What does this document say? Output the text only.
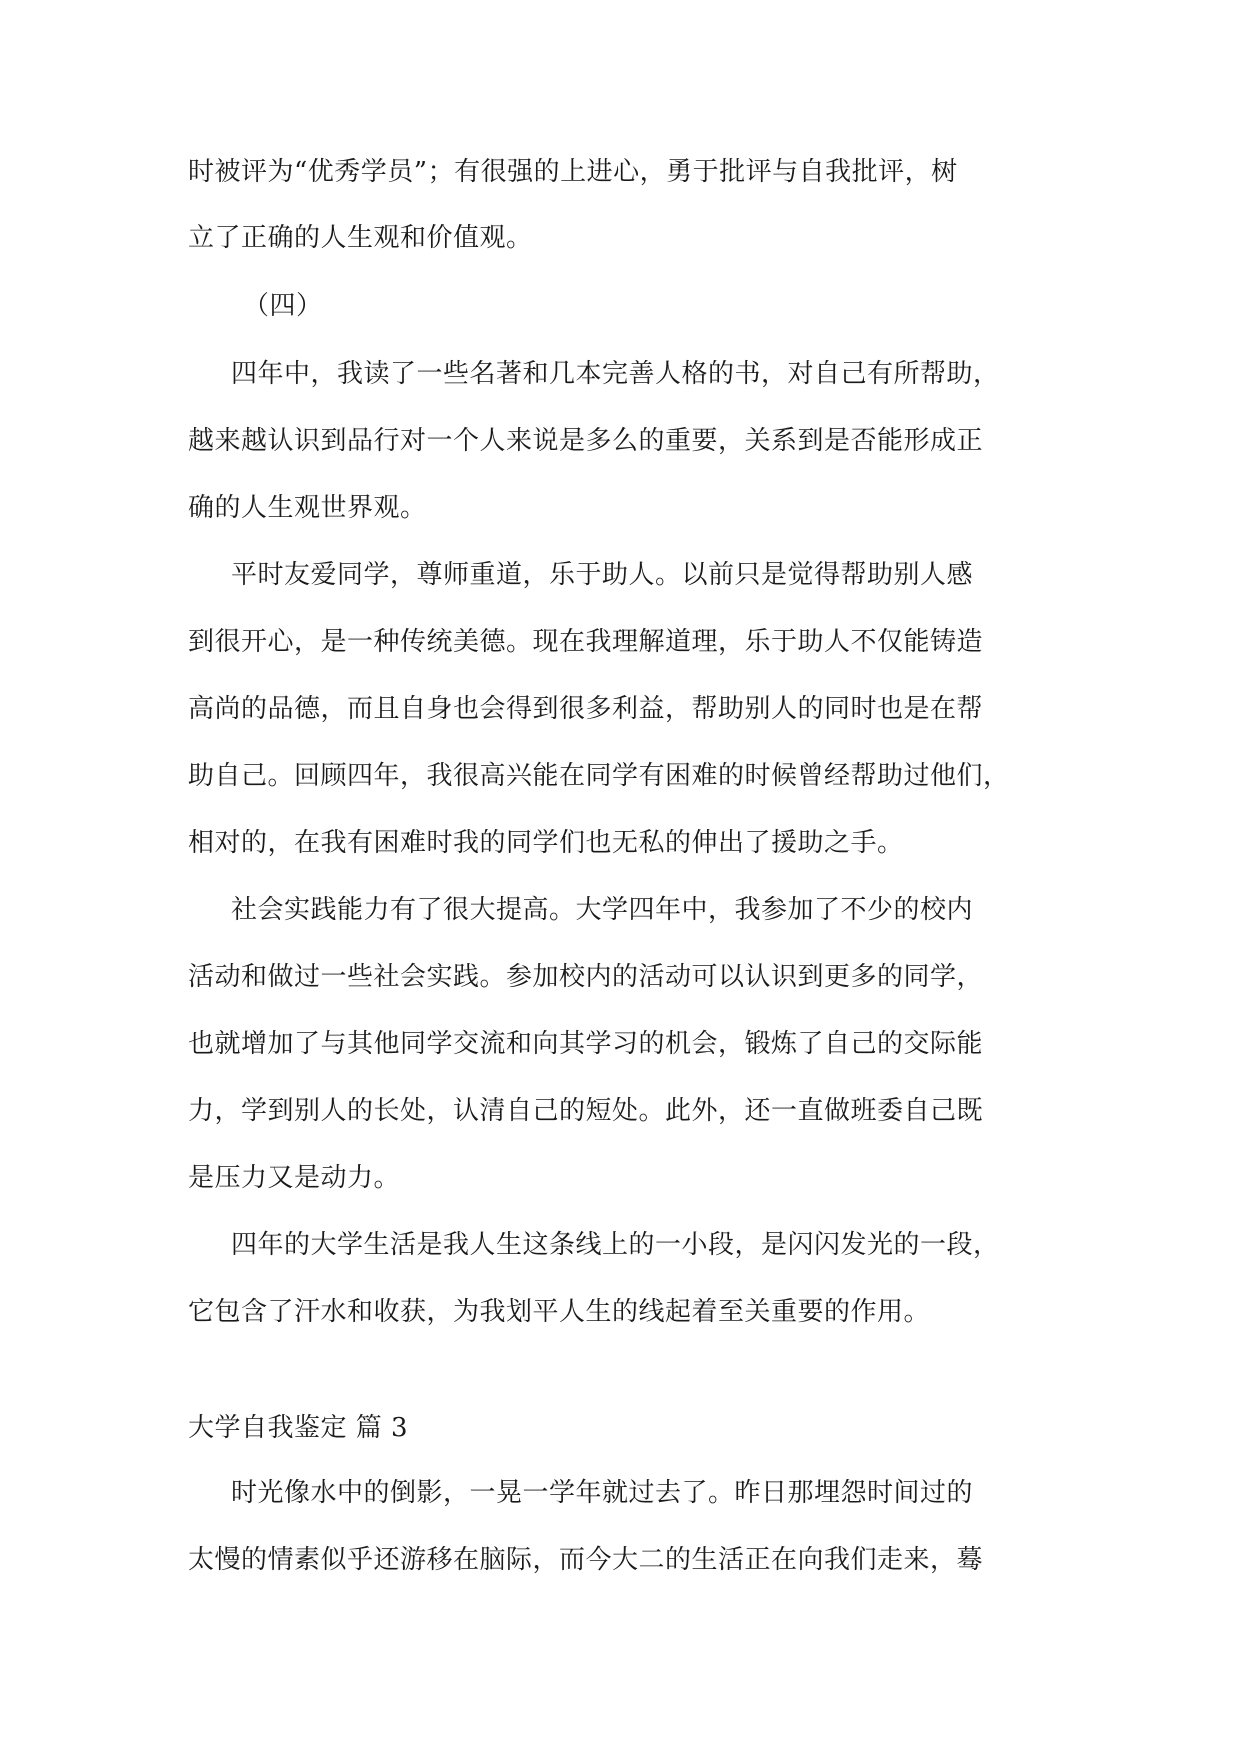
时被评为“优秀学员”；有很强的上进心，勇于批评与自我批评，树
立了正确的人生观和价值观。
（四）
四年中，我读了一些名著和几本完善人格的书，对自己有所帮助，
越来越认识到品行对一个人来说是多么的重要，关系到是否能形成正
确的人生观世界观。
平时友爱同学，尊师重道，乐于助人。以前只是觉得帮助别人感
到很开心，是一种传统美德。现在我理解道理，乐于助人不仅能铸造
高尚的品德，而且自身也会得到很多利益，帮助别人的同时也是在帮
助自己。回顾四年，我很高兴能在同学有困难的时候曾经帮助过他们，
相对的，在我有困难时我的同学们也无私的伸出了援助之手。
社会实践能力有了很大提高。大学四年中，我参加了不少的校内
活动和做过一些社会实践。参加校内的活动可以认识到更多的同学，
也就增加了与其他同学交流和向其学习的机会，锻炼了自己的交际能
力，学到别人的长处，认清自己的短处。此外，还一直做班委自己既
是压力又是动力。
四年的大学生活是我人生这条线上的一小段，是闪闪发光的一段，
它包含了汗水和收获，为我划平人生的线起着至关重要的作用。
大学自我鉴定 篇 3
时光像水中的倒影，一晃一学年就过去了。昨日那埋怨时间过的
太慢的情素似乎还游移在脑际，而今大二的生活正在向我们走来，蓦
